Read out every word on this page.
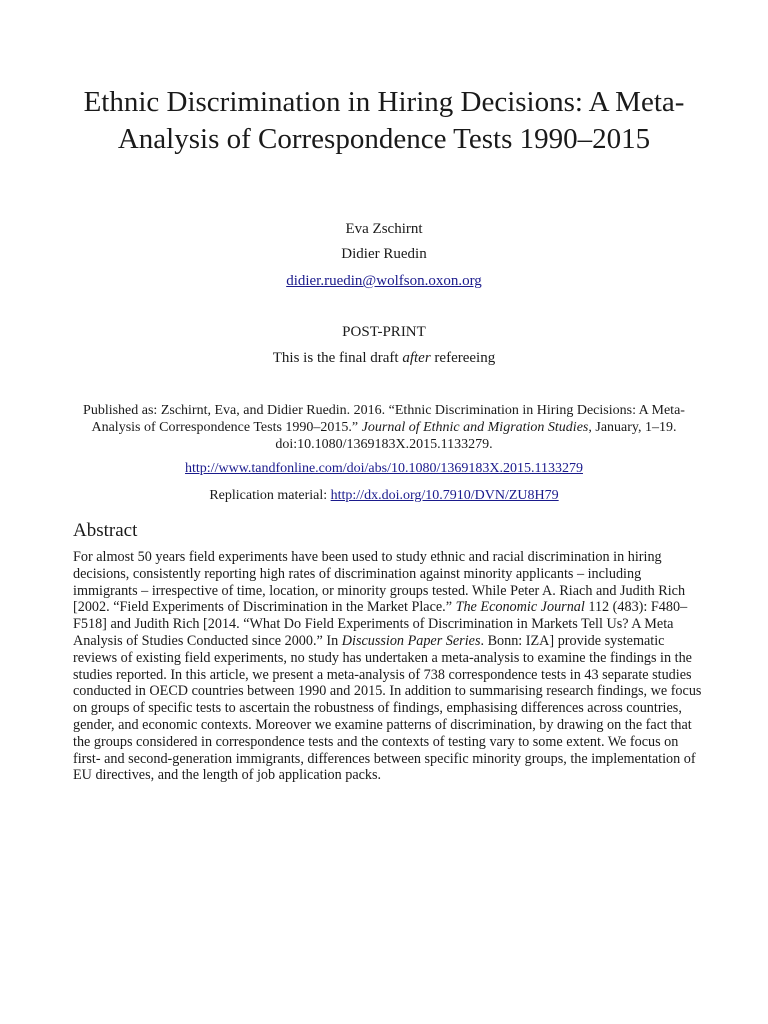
Ethnic Discrimination in Hiring Decisions: A Meta-Analysis of Correspondence Tests 1990–2015
Eva Zschirnt
Didier Ruedin
didier.ruedin@wolfson.oxon.org
POST-PRINT
This is the final draft after refereeing
Published as: Zschirnt, Eva, and Didier Ruedin. 2016. “Ethnic Discrimination in Hiring Decisions: A Meta-Analysis of Correspondence Tests 1990–2015.” Journal of Ethnic and Migration Studies, January, 1–19. doi:10.1080/1369183X.2015.1133279.
http://www.tandfonline.com/doi/abs/10.1080/1369183X.2015.1133279
Replication material: http://dx.doi.org/10.7910/DVN/ZU8H79
Abstract

For almost 50 years field experiments have been used to study ethnic and racial discrimination in hiring decisions, consistently reporting high rates of discrimination against minority applicants – including immigrants – irrespective of time, location, or minority groups tested. While Peter A. Riach and Judith Rich [2002. “Field Experiments of Discrimination in the Market Place.” The Economic Journal 112 (483): F480–F518] and Judith Rich [2014. “What Do Field Experiments of Discrimination in Markets Tell Us? A Meta Analysis of Studies Conducted since 2000.” In Discussion Paper Series. Bonn: IZA] provide systematic reviews of existing field experiments, no study has undertaken a meta-analysis to examine the findings in the studies reported. In this article, we present a meta-analysis of 738 correspondence tests in 43 separate studies conducted in OECD countries between 1990 and 2015. In addition to summarising research findings, we focus on groups of specific tests to ascertain the robustness of findings, emphasising differences across countries, gender, and economic contexts. Moreover we examine patterns of discrimination, by drawing on the fact that the groups considered in correspondence tests and the contexts of testing vary to some extent. We focus on first- and second-generation immigrants, differences between specific minority groups, the implementation of EU directives, and the length of job application packs.
